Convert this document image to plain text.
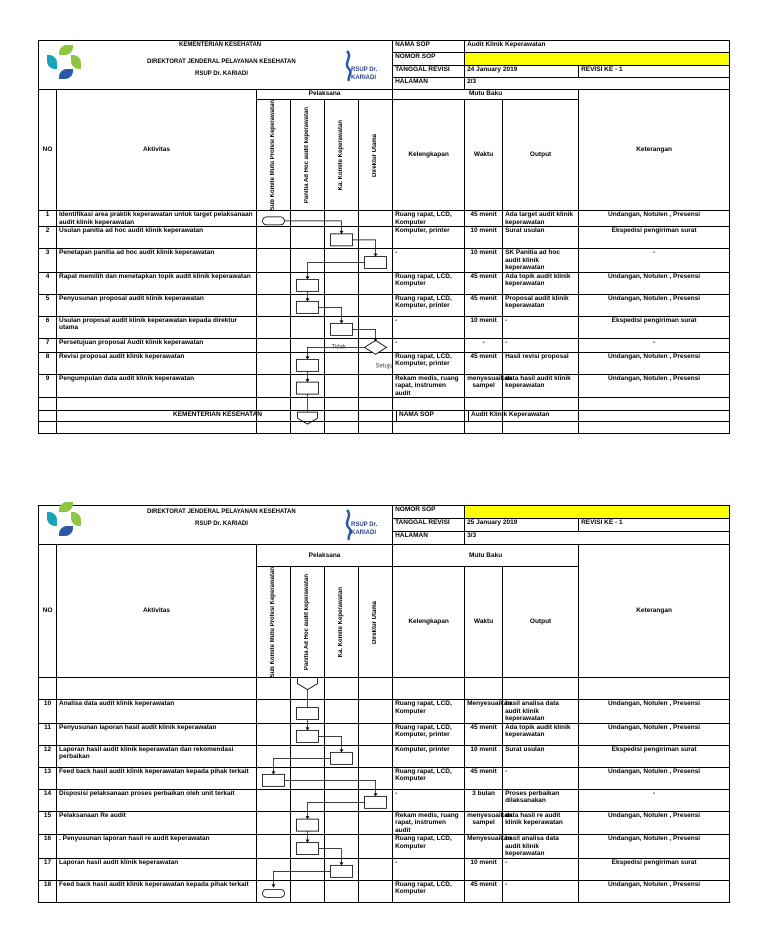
KEMENTERIAN KESEHATAN
DIREKTORAT JENDERAL PELAYANAN KESEHATAN
RSUP Dr. KARIADI
RSUP Dr. KARIADI						NAMA SOP	Audit Klinik Keperawatan		
						NOMOR SOP			
						TANGGAL REVISI	24 January 2019		REVISI KE - 1
						HALAMAN	2/3		
NO	Aktivitas	Pelaksana				Mutu Baku			Keterangan

		Sub Komite Mutu Profesi Keperawatan	Panitia Ad Hoc audit keperawatan	Ka. Komite Keperawatan	Direktur Utama	Kelengkapan	Waktu	Output	
1	Identifikasi area praktik keperawatan untuk target pelaksanaan audit klinik keperawatan					Ruang rapat, LCD, Komputer	45 menit	Ada target audit klinik keperawatan	Undangan, Notulen , Presensi
2	Usulan panitia ad hoc audit klinik keperawatan					Komputer, printer	10 menit	Surat usulan	Ekspedisi pengiriman surat
3	Penetapan panitia ad hoc audit klinik keperawatan					-	10 menit	SK Panitia ad hoc audit klinik keperawatan	-
4	Rapat memilih dan menetapkan topik audit klinik keperawatan					Ruang rapat, LCD, Komputer	45 menit	Ada topik audit klinik keperawatan	Undangan, Notulen , Presensi
5	Penyusunan proposal audit klinik keperawatan					Ruang rapat, LCD, Komputer, printer	45 menit	Proposal audit klinik keperawatan	Undangan, Notulen , Presensi
6	Usulan proposal audit klinik keperawatan kepada direktur utama					-	10 menit	-	Ekspedisi pengiriman surat
7	Persetujuan proposal Audit klinik keperawatan					-	-	-	-
8	Revisi proposal audit klinik keperawatan					Ruang rapat, LCD, Komputer, printer	45 menit	Hasil revisi proposal	Undangan, Notulen , Presensi
9	Pengumpulan data audit klinik keperawatan					Rekam medis, ruang rapat, instrumen audit	menyesuaikan sampel	data hasil audit klinik keperawatan	Undangan, Notulen , Presensi

Tidak
Setuju
KEMENTERIAN KESEHATAN	NAMA SOP	Audit Klinik Keperawatan
DIREKTORAT JENDERAL PELAYANAN KESEHATAN
RSUP Dr. KARIADI RSUP Dr. KARIADI						NOMOR SOP			
						TANGGAL REVISI	25 January 2019		REVISI KE - 1
						HALAMAN	3/3		
NO	Aktivitas	Pelaksana				Mutu Baku			Keterangan

		Sub Komite Mutu Profesi Keperawatan	Panitia Ad Hoc audit keperawatan	Ka. Komite Keperawatan	Direktur Utama	Kelengkapan	Waktu	Output	

10	Analisa data audit klinik keperawatan					Ruang rapat, LCD, Komputer	Menyesuaikan	hasil analisa data audit klinik keperawatan	Undangan, Notulen , Presensi
11	Penyusunan laporan hasil audit klinik keperawatan					Ruang rapat, LCD, Komputer, printer	45 menit	Ada topik audit klinik keperawatan	Undangan, Notulen , Presensi
12	Laporan hasil audit klinik keperawatan dan rekomendasi perbaikan					Komputer, printer	10 menit	Surat usulan	Ekspedisi pengiriman surat
13	Feed back hasil audit klinik keperawatan kepada pihak terkait					Ruang rapat, LCD, Komputer	45 menit	-	Undangan, Notulen , Presensi
14	Disposisi pelaksanaan proses perbaikan oleh unit terkait					-	3 bulan	Proses perbaikan dilaksanakan	-
15	Pelaksanaan Re audit					Rekam medis, ruang rapat, instrumen audit	menyesuaikan sampel	data hasil re audit klinik keperawatan	Undangan, Notulen , Presensi
16	. Penyusunan laporan hasil re audit keperawatan					Ruang rapat, LCD, Komputer	Menyesuaikan	hasil analisa data audit klinik keperawatan	Undangan, Notulen , Presensi
17	Laporan hasil audit klinik keperawatan					-	10 menit	-	Ekspedisi pengiriman surat
18	Feed back hasil audit klinik keperawatan kepada pihak terkait					Ruang rapat, LCD, Komputer	45 menit	-	Undangan, Notulen , Presensi
